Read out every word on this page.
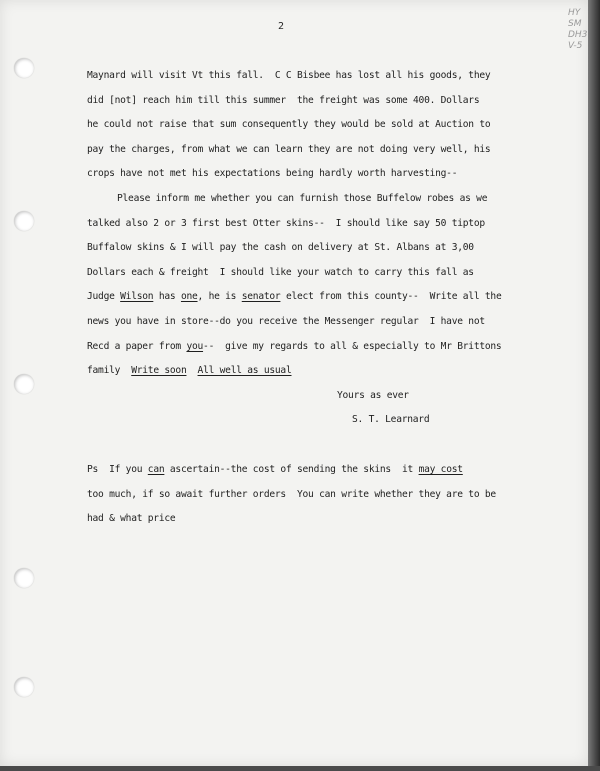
2
HY
SM
DH3
V-5
Maynard will visit Vt this fall.  C C Bisbee has lost all his goods, they
did [not] reach him till this summer  the freight was some 400. Dollars
he could not raise that sum consequently they would be sold at Auction to
pay the charges, from what we can learn they are not doing very well, his
crops have not met his expectations being hardly worth harvesting--
Please inform me whether you can furnish those Buffelow robes as we
talked also 2 or 3 first best Otter skins--  I should like say 50 tiptop
Buffalow skins & I will pay the cash on delivery at St. Albans at 3,00
Dollars each & freight  I should like your watch to carry this fall as
Judge Wilson has one, he is senator elect from this county--  Write all the
news you have in store--do you receive the Messenger regular  I have not
Recd a paper from you--  give my regards to all & especially to Mr Brittons
family  Write soon All well as usual
Yours as ever
S. T. Learnard
Ps  If you can ascertain--the cost of sending the skins  it may cost
too much, if so await further orders  You can write whether they are to be
had & what price
